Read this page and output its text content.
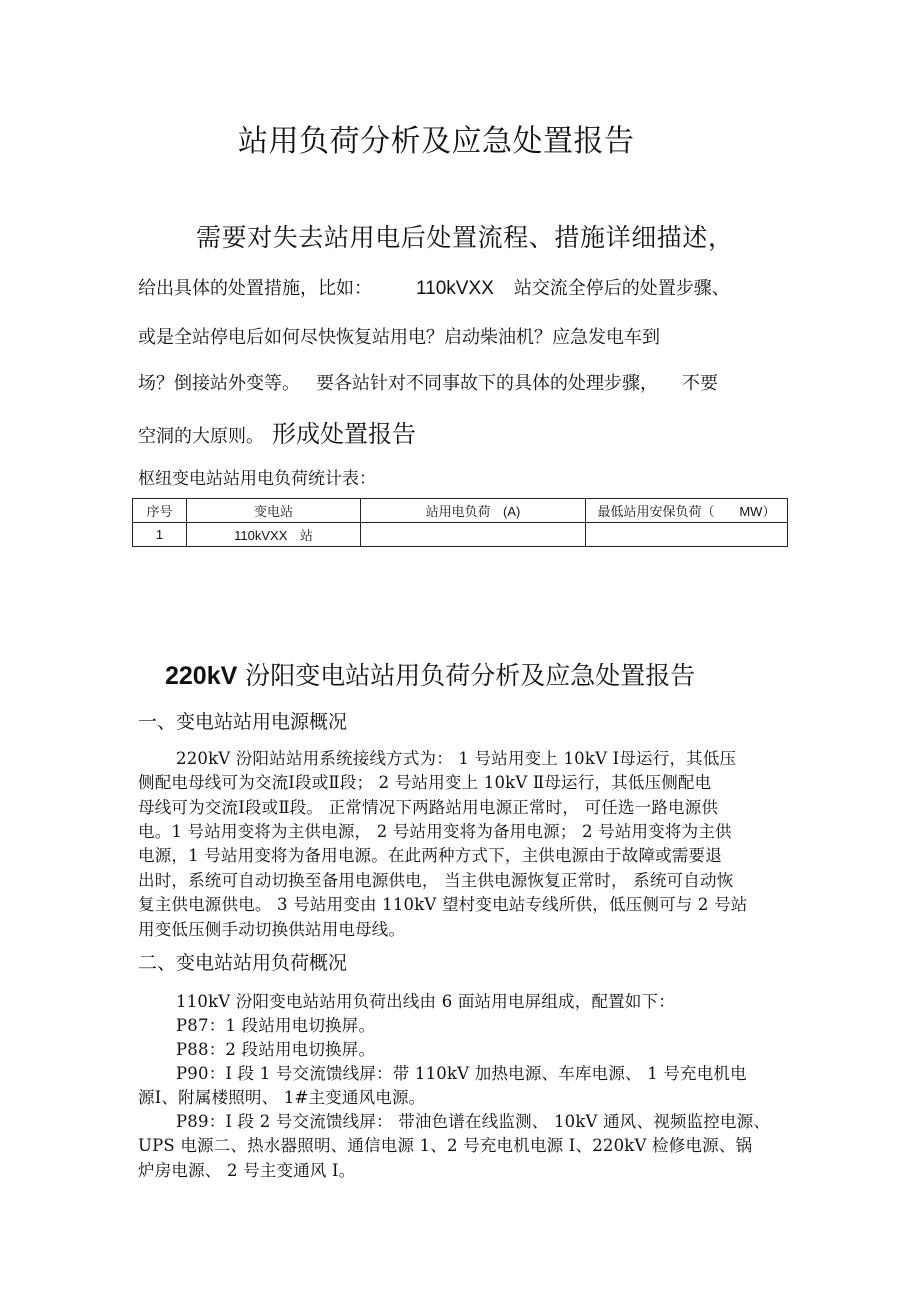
站用负荷分析及应急处置报告
需要对失去站用电后处置流程、措施详细描述，

给出具体的处置措施，比如： 110kVXX 站交流全停后的处置步骤、

或是全站停电后如何尽快恢复站用电？启动柴油机？应急发电车到

场？倒接站外变等。 要各站针对不同事故下的具体的处理步骤， 不要

空洞的大原则。 形成处置报告

枢纽变电站站用电负荷统计表：
序号	变电站	站用电负荷 (A)	最低站用安保负荷（ MW）
1	110kVXX 站		
220kV 汾阳变电站站用负荷分析及应急处置报告
一、变电站站用电源概况
220kV 汾阳站站用系统接线方式为： 1 号站用变上 10kV Ⅰ母运行，其低压
侧配电母线可为交流Ⅰ段或Ⅱ段； 2 号站用变上 10kV Ⅱ母运行，其低压侧配电
母线可为交流Ⅰ段或Ⅱ段。 正常情况下两路站用电源正常时， 可任选一路电源供
电。1 号站用变将为主供电源， 2 号站用变将为备用电源； 2 号站用变将为主供
电源，1 号站用变将为备用电源。在此两种方式下，主供电源由于故障或需要退
出时，系统可自动切换至备用电源供电， 当主供电源恢复正常时， 系统可自动恢
复主供电源供电。 3 号站用变由 110kV 望村变电站专线所供，低压侧可与 2 号站
用变低压侧手动切换供站用电母线。
二、变电站站用负荷概况
110kV 汾阳变电站站用负荷出线由 6 面站用电屏组成，配置如下：
P87：1 段站用电切换屏。
P88：2 段站用电切换屏。
P90：Ⅰ 段 1 号交流馈线屏：带 110kV 加热电源、车库电源、 1 号充电机电
源Ⅰ、附属楼照明、 1#主变通风电源。
P89：Ⅰ 段 2 号交流馈线屏： 带油色谱在线监测、 10kV 通风、视频监控电源、
UPS 电源二、热水器照明、通信电源 1、2 号充电机电源 Ⅰ、220kV 检修电源、锅
炉房电源、 2 号主变通风 Ⅰ。
